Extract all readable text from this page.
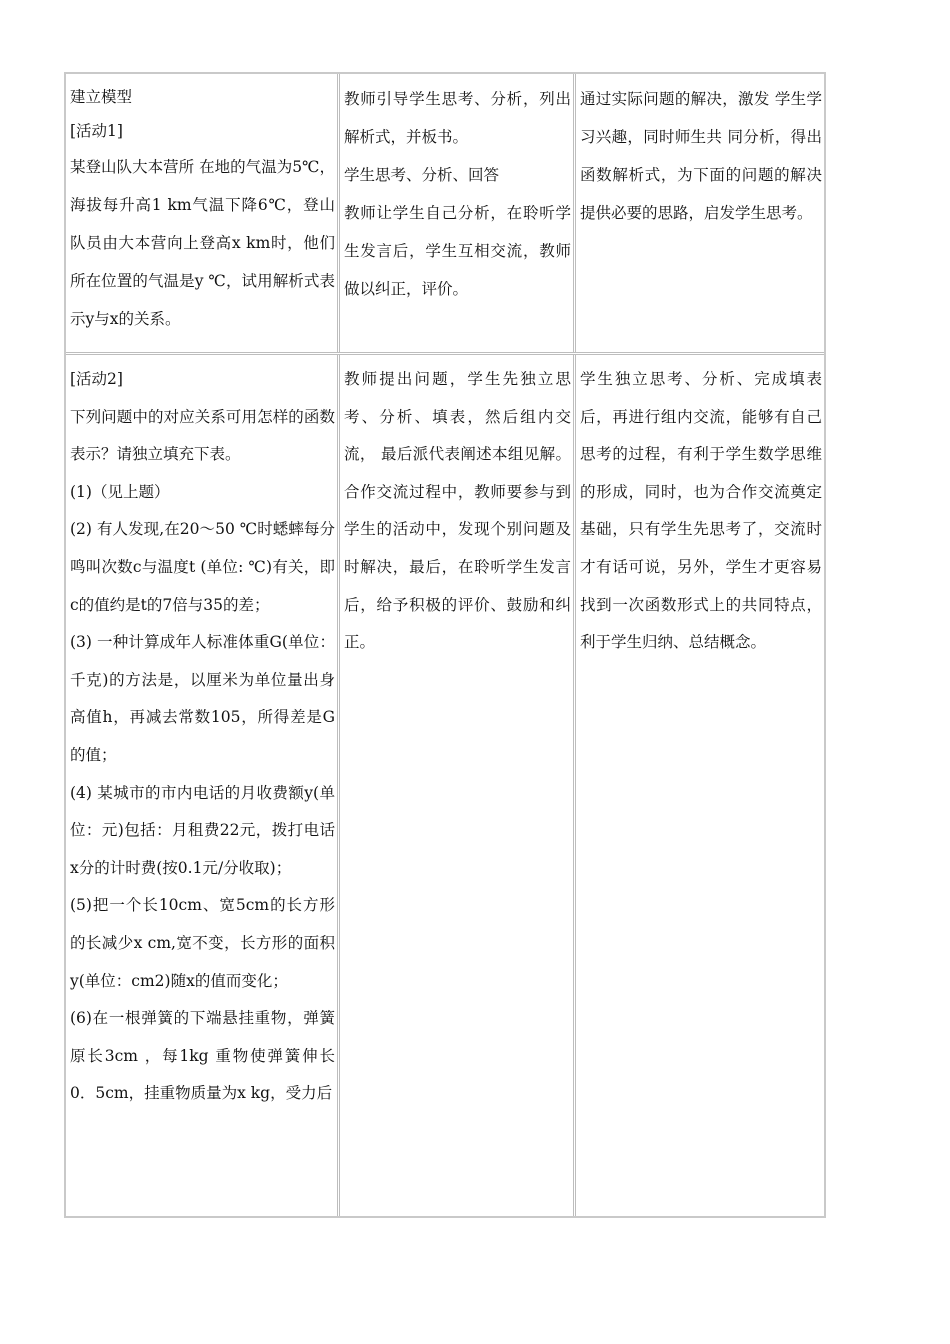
建立模型

[活动1]

某登山队大本营所 在地的气温为5℃，海拔每升高1 km气温下降6℃，登山队员由大本营向上登高x km时，他们所在位置的气温是y ℃，试用解析式表示y与x的关系。

教师引导学生思考、分析，列出解析式，并板书。

学生思考、分析、回答

教师让学生自己分析，在聆听学生发言后，学生互相交流，教师做以纠正，评价。

通过实际问题的解决，激发 学生学习兴趣，同时师生共 同分析，得出函数解析式，为下面的问题的解决提供必要的思路，启发学生思考。

[活动2]

下列问题中的对应关系可用怎样的函数表示？请独立填充下表。

(1)（见上题）

(2) 有人发现,在20～50 ℃时蟋蟀每分鸣叫次数c与温度t (单位: ℃)有关，即c的值约是t的7倍与35的差；

(3) 一种计算成年人标准体重G(单位：千克)的方法是，以厘米为单位量出身高值h，再减去常数105，所得差是G的值；

(4) 某城市的市内电话的月收费额y(单位：元)包括：月租费22元，拨打电话x分的计时费(按0.1元/分收取)；

(5)把一个长10cm、宽5cm的长方形的长减少x cm,宽不变，长方形的面积y(单位：cm2)随x的值而变化；

(6)在一根弹簧的下端悬挂重物，弹簧原长3cm ，每1kg 重物使弹簧伸长0．5cm，挂重物质量为x kg，受力后

教师提出问题，学生先独立思考、分析、填表，然后组内交流， 最后派代表阐述本组见解。合作交流过程中，教师要参与到学生的活动中，发现个别问题及时解决，最后，在聆听学生发言后，给予积极的评价、鼓励和纠正。

学生独立思考、分析、完成填表后，再进行组内交流，能够有自己思考的过程，有利于学生数学思维的形成，同时，也为合作交流奠定基础，只有学生先思考了，交流时才有话可说，另外，学生才更容易找到一次函数形式上的共同特点，利于学生归纳、总结概念。
